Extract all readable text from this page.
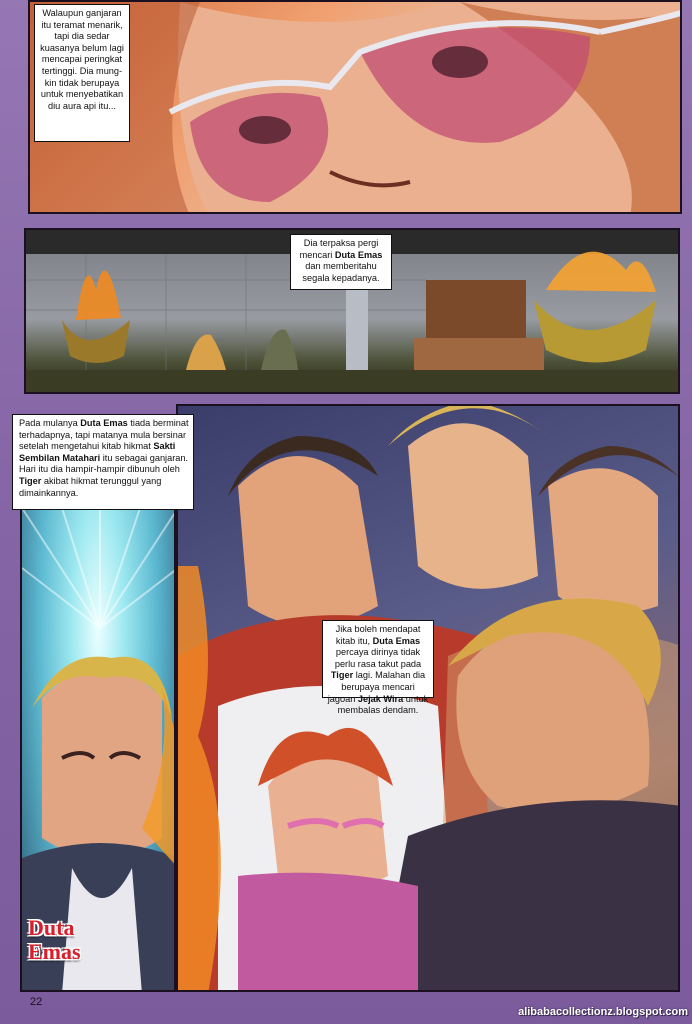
Walaupun ganjaran itu teramat menarik, tapi dia sedar kuasanya belum lagi mencapai peringkat tertinggi. Dia mung-kin tidak berupaya untuk menyebatikan diu aura api itu...
Dia terpaksa pergi mencari Duta Emas dan memberitahu segala kepadanya.
Pada mulanya Duta Emas tiada berminat terhadapnya, tapi matanya mula bersinar setelah mengetahui kitab hikmat Sakti Sembilan Matahari itu sebagai ganjaran. Hari itu dia hampir-hampir dibunuh oleh Tiger akibat hikmat terunggul yang dimainkannya.
Jika boleh mendapat kitab itu, Duta Emas percaya dirinya tidak perlu rasa takut pada Tiger lagi. Malahan dia berupaya mencari jagoan Jejak Wira untuk membalas dendam.
Duta
Emas
22
alibabacollectionz.blogspot.com
